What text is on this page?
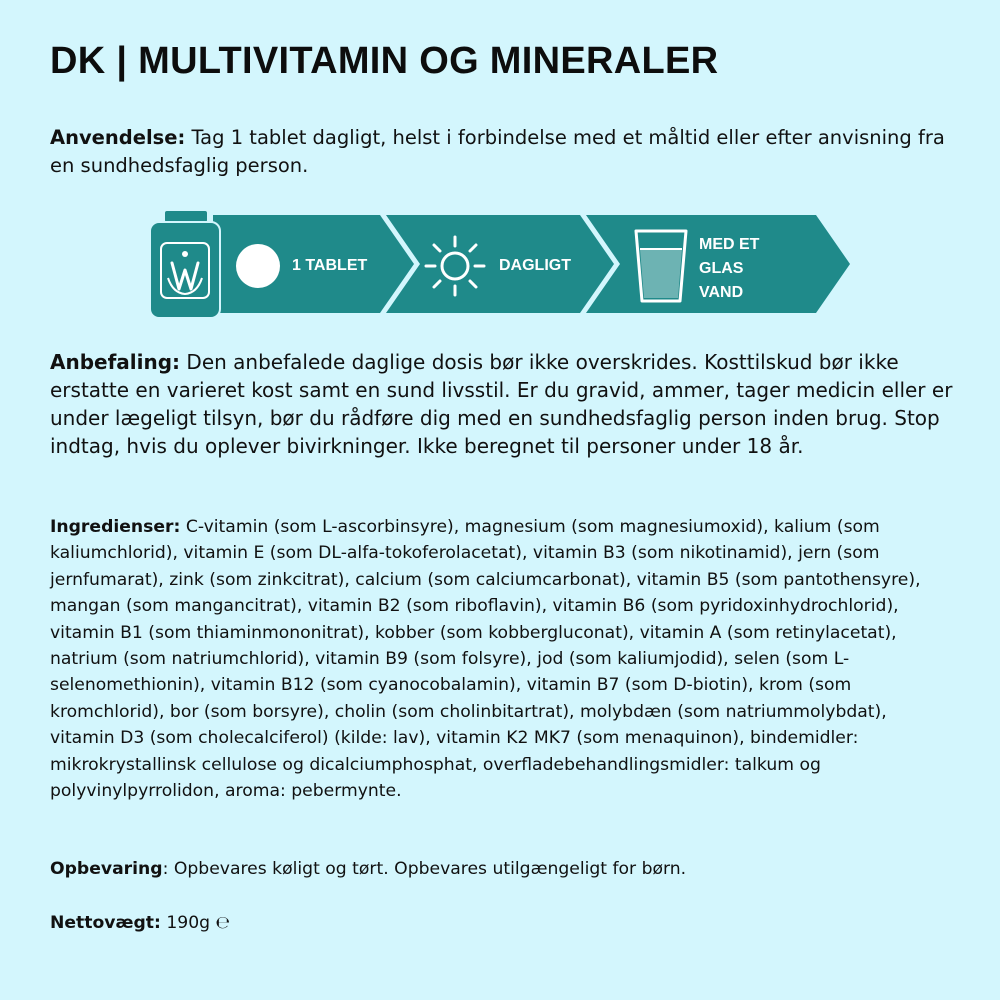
DK | MULTIVITAMIN OG MINERALER

Anvendelse: Tag 1 tablet dagligt, helst i forbindelse med et måltid eller efter anvisning fra en sundhedsfaglig person.

1 TABLET	DAGLIGT
MED ET
GLAS
VAND

Anbefaling: Den anbefalede daglige dosis bør ikke overskrides. Kosttilskud bør ikke erstatte en varieret kost samt en sund livsstil. Er du gravid, ammer, tager medicin eller er under lægeligt tilsyn, bør du rådføre dig med en sundhedsfaglig person inden brug. Stop indtag, hvis du oplever bivirkninger. Ikke beregnet til personer under 18 år.

Ingredienser: C-vitamin (som L-ascorbinsyre), magnesium (som magnesiumoxid), kalium (som kaliumchlorid), vitamin E (som DL-alfa-tokoferolacetat), vitamin B3 (som nikotinamid), jern (som jernfumarat), zink (som zinkcitrat), calcium (som calciumcarbonat), vitamin B5 (som pantothensyre), mangan (som mangancitrat), vitamin B2 (som riboflavin), vitamin B6 (som pyridoxinhydrochlorid), vitamin B1 (som thiaminmononitrat), kobber (som kobbergluconat), vitamin A (som retinylacetat), natrium (som natriumchlorid), vitamin B9 (som folsyre), jod (som kaliumjodid), selen (som L-selenomethionin), vitamin B12 (som cyanocobalamin), vitamin B7 (som D-biotin), krom (som kromchlorid), bor (som borsyre), cholin (som cholinbitartrat), molybdæn (som natriummolybdat), vitamin D3 (som cholecalciferol) (kilde: lav), vitamin K2 MK7 (som menaquinon), bindemidler: mikrokrystallinsk cellulose og dicalciumphosphat, overfladebehandlingsmidler: talkum og polyvinylpyrrolidon, aroma: pebermynte.

Opbevaring: Opbevares køligt og tørt. Opbevares utilgængeligt for børn.

Nettovægt: 190g ℮
